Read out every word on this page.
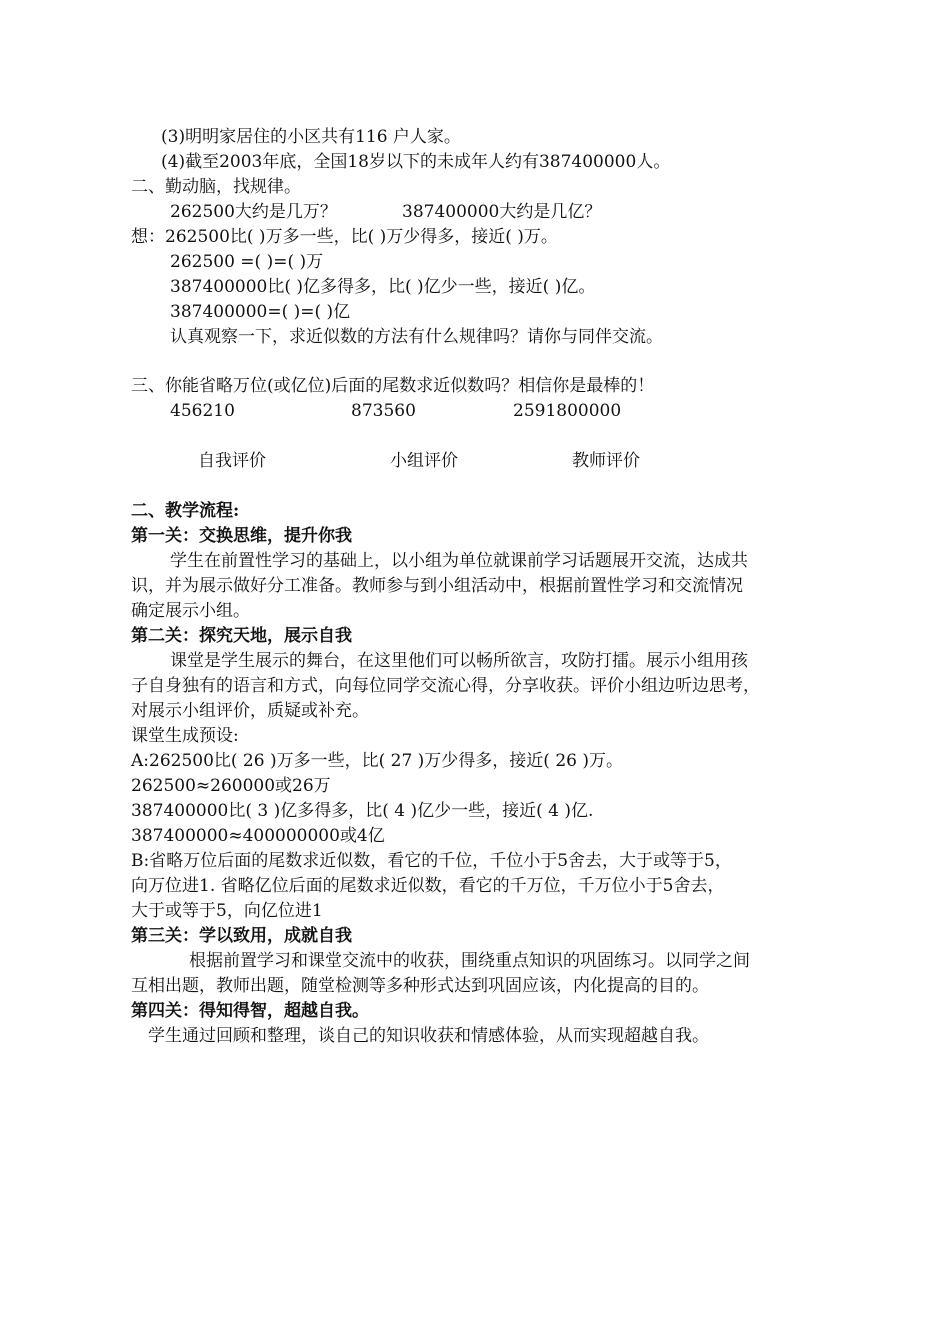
(3)明明家居住的小区共有116 户人家。
(4)截至2003年底，全国18岁以下的未成年人约有387400000人。
二、勤动脑，找规律。
262500大约是几万？	387400000大约是几亿？
想：262500比( )万多一些，比( )万少得多，接近( )万。
262500 =( )=( )万
387400000比( )亿多得多，比( )亿少一些，接近( )亿。
387400000=( )=( )亿
认真观察一下，求近似数的方法有什么规律吗？请你与同伴交流。
三、你能省略万位(或亿位)后面的尾数求近似数吗？相信你是最棒的！
456210	873560	2591800000
自我评价	小组评价	教师评价
二、教学流程:
第一关：交换思维，提升你我
学生在前置性学习的基础上，以小组为单位就课前学习话题展开交流，达成共
识，并为展示做好分工准备。教师参与到小组活动中，根据前置性学习和交流情况
确定展示小组。
第二关：探究天地，展示自我
课堂是学生展示的舞台，在这里他们可以畅所欲言，攻防打擂。展示小组用孩
子自身独有的语言和方式，向每位同学交流心得，分享收获。评价小组边听边思考，
对展示小组评价，质疑或补充。
课堂生成预设:
A:262500比( 26 )万多一些，比( 27 )万少得多，接近( 26 )万。
262500≈260000或26万
387400000比( 3 )亿多得多，比( 4 )亿少一些，接近( 4 )亿.
387400000≈400000000或4亿
B:省略万位后面的尾数求近似数，看它的千位，千位小于5舍去，大于或等于5，
向万位进1. 省略亿位后面的尾数求近似数，看它的千万位，千万位小于5舍去，
大于或等于5，向亿位进1
第三关：学以致用，成就自我
根据前置学习和课堂交流中的收获，围绕重点知识的巩固练习。以同学之间
互相出题，教师出题，随堂检测等多种形式达到巩固应该，内化提高的目的。
第四关：得知得智，超越自我。
学生通过回顾和整理，谈自己的知识收获和情感体验，从而实现超越自我。
